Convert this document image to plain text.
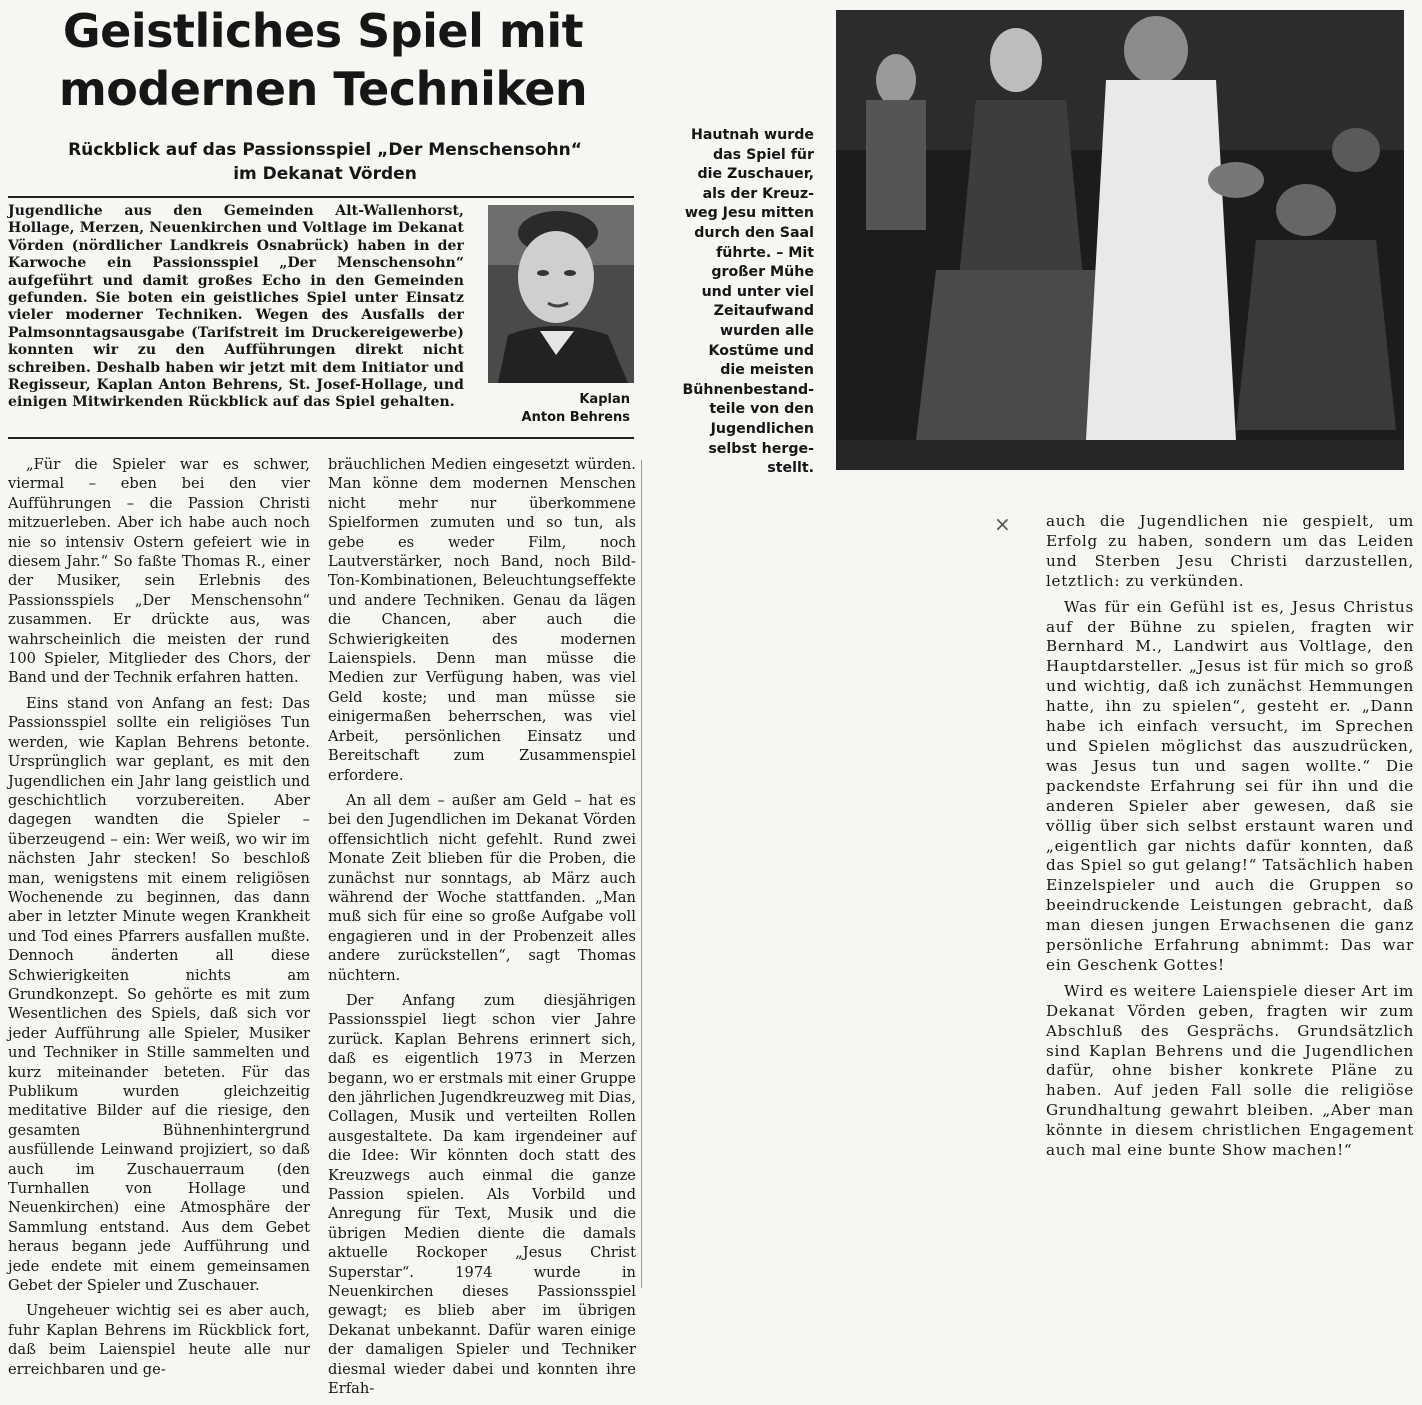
Geistliches Spiel mit
modernen Techniken
Rückblick auf das Passionsspiel „Der Menschensohn“
im Dekanat Vörden
Jugendliche aus den Gemeinden Alt-Wallenhorst, Hollage, Merzen, Neuenkirchen und Voltlage im Dekanat Vörden (nördlicher Landkreis Osnabrück) haben in der Karwoche ein Passionsspiel „Der Menschensohn“ aufgeführt und damit großes Echo in den Gemeinden gefunden. Sie boten ein geistliches Spiel unter Einsatz vieler moderner Techniken. Wegen des Ausfalls der Palmsonntagsausgabe (Tarifstreit im Druckereigewerbe) konnten wir zu den Aufführungen direkt nicht schreiben. Deshalb haben wir jetzt mit dem Initiator und Regisseur, Kaplan Anton Behrens, St. Josef-Hollage, und einigen Mitwirkenden Rückblick auf das Spiel gehalten.	Kaplan
Anton Behrens

„Für die Spieler war es schwer, viermal – eben bei den vier Aufführungen – die Passion Christi mitzuerleben. Aber ich habe auch noch nie so intensiv Ostern gefeiert wie in diesem Jahr.“ So faßte Thomas R., einer der Musiker, sein Erlebnis des Passionsspiels „Der Menschensohn“ zusammen. Er drückte aus, was wahrscheinlich die meisten der rund 100 Spieler, Mitglieder des Chors, der Band und der Technik erfahren hatten.

Eins stand von Anfang an fest: Das Passionsspiel sollte ein religiöses Tun werden, wie Kaplan Behrens betonte. Ursprünglich war geplant, es mit den Jugendlichen ein Jahr lang geistlich und geschichtlich vorzubereiten. Aber dagegen wandten die Spieler – überzeugend – ein: Wer weiß, wo wir im nächsten Jahr stecken! So beschloß man, wenigstens mit einem religiösen Wochenende zu beginnen, das dann aber in letzter Minute wegen Krankheit und Tod eines Pfarrers ausfallen mußte. Dennoch änderten all diese Schwierigkeiten nichts am Grundkonzept. So gehörte es mit zum Wesentlichen des Spiels, daß sich vor jeder Aufführung alle Spieler, Musiker und Techniker in Stille sammelten und kurz miteinander beteten. Für das Publikum wurden gleichzeitig meditative Bilder auf die riesige, den gesamten Bühnenhintergrund ausfüllende Leinwand projiziert, so daß auch im Zuschauerraum (den Turnhallen von Hollage und Neuenkirchen) eine Atmosphäre der Sammlung entstand. Aus dem Gebet heraus begann jede Aufführung und jede endete mit einem gemeinsamen Gebet der Spieler und Zuschauer.

Ungeheuer wichtig sei es aber auch, fuhr Kaplan Behrens im Rückblick fort, daß beim Laienspiel heute alle nur erreichbaren und ge-

bräuchlichen Medien eingesetzt würden. Man könne dem modernen Menschen nicht mehr nur überkommene Spielformen zumuten und so tun, als gebe es weder Film, noch Lautverstärker, noch Band, noch Bild-Ton-Kombinationen, Beleuchtungseffekte und andere Techniken. Genau da lägen die Chancen, aber auch die Schwierigkeiten des modernen Laienspiels. Denn man müsse die Medien zur Verfügung haben, was viel Geld koste; und man müsse sie einigermaßen beherrschen, was viel Arbeit, persönlichen Einsatz und Bereitschaft zum Zusammenspiel erfordere.

An all dem – außer am Geld – hat es bei den Jugendlichen im Dekanat Vörden offensichtlich nicht gefehlt. Rund zwei Monate Zeit blieben für die Proben, die zunächst nur sonntags, ab März auch während der Woche stattfanden. „Man muß sich für eine so große Aufgabe voll engagieren und in der Probenzeit alles andere zurückstellen“, sagt Thomas nüchtern.

Der Anfang zum diesjährigen Passionsspiel liegt schon vier Jahre zurück. Kaplan Behrens erinnert sich, daß es eigentlich 1973 in Merzen begann, wo er erstmals mit einer Gruppe den jährlichen Jugendkreuzweg mit Dias, Collagen, Musik und verteilten Rollen ausgestaltete. Da kam irgendeiner auf die Idee: Wir könnten doch statt des Kreuzwegs auch einmal die ganze Passion spielen. Als Vorbild und Anregung für Text, Musik und die übrigen Medien diente die damals aktuelle Rockoper „Jesus Christ Superstar“. 1974 wurde in Neuenkirchen dieses Passionsspiel gewagt; es blieb aber im übrigen Dekanat unbekannt. Dafür waren einige der damaligen Spieler und Techniker diesmal wieder dabei und konnten ihre Erfah-

Hautnah wurde
das Spiel für
die Zuschauer,
als der Kreuz-
weg Jesu mitten
durch den Saal
führte. – Mit
großer Mühe
und unter viel
Zeitaufwand
wurden alle
Kostüme und
die meisten
Bühnenbestand-
teile von den
Jugendlichen
selbst herge-
stellt.
× auch die Jugendlichen nie gespielt, um Erfolg zu haben, sondern um das Leiden und Sterben Jesu Christi darzustellen, letztlich: zu verkünden.

Was für ein Gefühl ist es, Jesus Christus auf der Bühne zu spielen, fragten wir Bernhard M., Landwirt aus Voltlage, den Hauptdarsteller. „Jesus ist für mich so groß und wichtig, daß ich zunächst Hemmungen hatte, ihn zu spielen“, gesteht er. „Dann habe ich einfach versucht, im Sprechen und Spielen möglichst das auszudrücken, was Jesus tun und sagen wollte.“ Die packendste Erfahrung sei für ihn und die anderen Spieler aber gewesen, daß sie völlig über sich selbst erstaunt waren und „eigentlich gar nichts dafür konnten, daß das Spiel so gut gelang!“ Tatsächlich haben Einzelspieler und auch die Gruppen so beeindruckende Leistungen gebracht, daß man diesen jungen Erwachsenen die ganz persönliche Erfahrung abnimmt: Das war ein Geschenk Gottes!

Wird es weitere Laienspiele dieser Art im Dekanat Vörden geben, fragten wir zum Abschluß des Gesprächs. Grundsätzlich sind Kaplan Behrens und die Jugendlichen dafür, ohne bisher konkrete Pläne zu haben. Auf jeden Fall solle die religiöse Grundhaltung gewahrt bleiben. „Aber man könnte in diesem christlichen Engagement auch mal eine bunte Show machen!“
